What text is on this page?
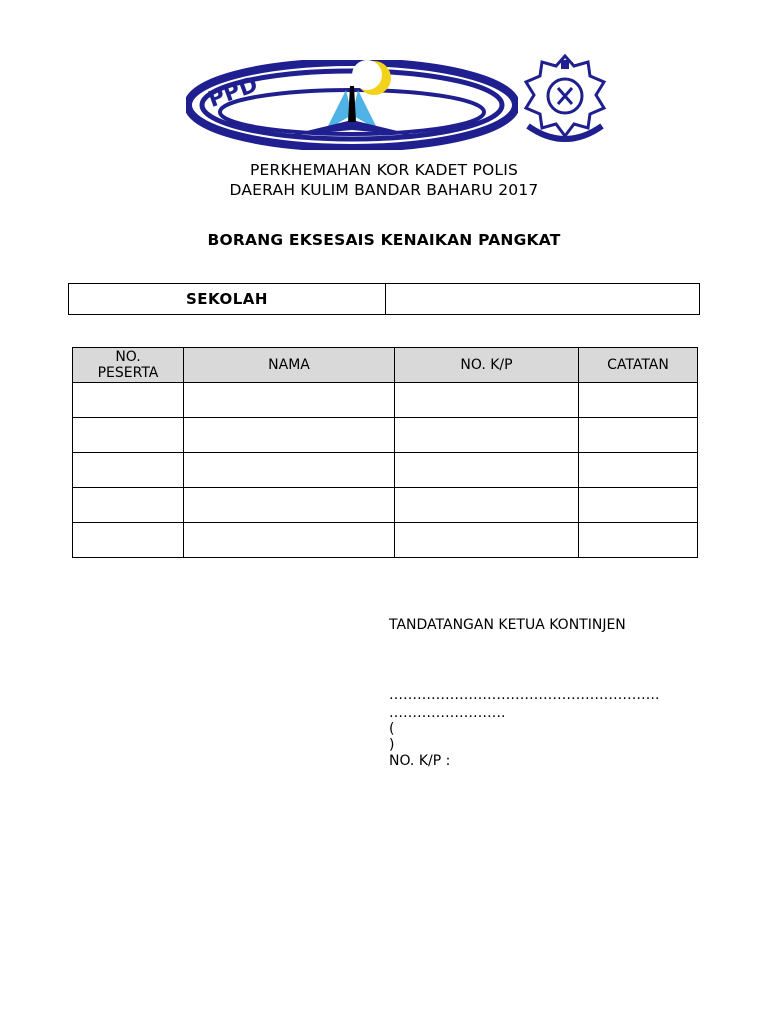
PPD
PERKHEMAHAN KOR KADET POLIS
DAERAH KULIM BANDAR BAHARU 2017
BORANG EKSESAIS KENAIKAN PANGKAT
SEKOLAH
NO.
PESERTA	NAMA	NO. K/P	CATATAN

TANDATANGAN KETUA KONTINJEN
………………………………………………….
…………………….
(
)
NO. K/P :
